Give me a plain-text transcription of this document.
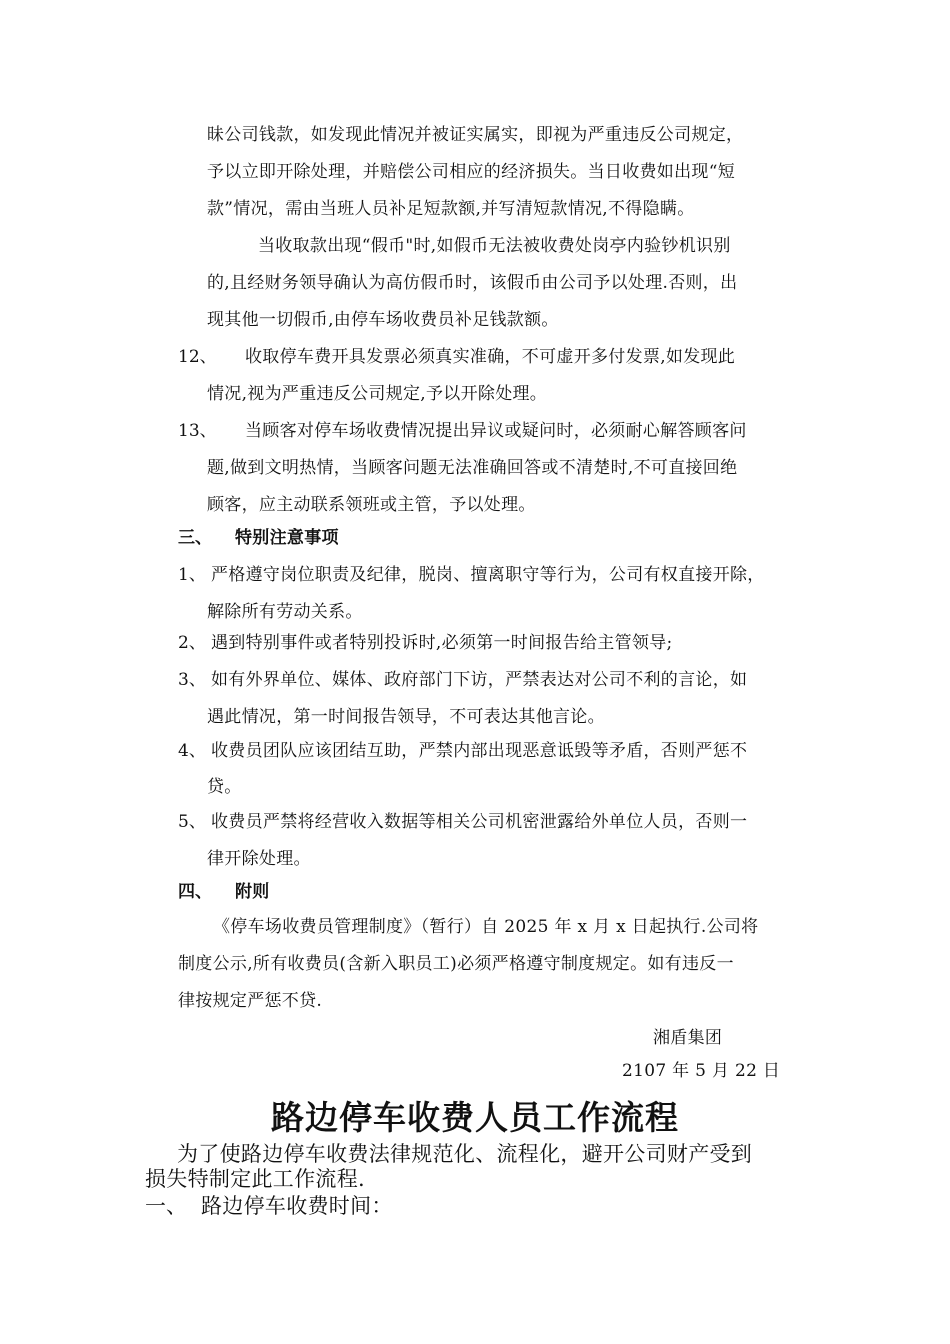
昧公司钱款，如发现此情况并被证实属实，即视为严重违反公司规定，
予以立即开除处理，并赔偿公司相应的经济损失。当日收费如出现“短
款”情况，需由当班人员补足短款额,并写清短款情况,不得隐瞒。
当收取款出现“假币"时,如假币无法被收费处岗亭内验钞机识别
的,且经财务领导确认为高仿假币时，该假币由公司予以处理.否则，出
现其他一切假币,由停车场收费员补足钱款额。
12、 收取停车费开具发票必须真实准确，不可虚开多付发票,如发现此
情况,视为严重违反公司规定,予以开除处理。
13、 当顾客对停车场收费情况提出异议或疑问时，必须耐心解答顾客问
题,做到文明热情，当顾客问题无法准确回答或不清楚时,不可直接回绝
顾客，应主动联系领班或主管，予以处理。
三、 特别注意事项
1、 严格遵守岗位职责及纪律，脱岗、擅离职守等行为，公司有权直接开除，
解除所有劳动关系。
2、 遇到特别事件或者特别投诉时,必须第一时间报告给主管领导;
3、 如有外界单位、媒体、政府部门下访，严禁表达对公司不利的言论，如
遇此情况，第一时间报告领导，不可表达其他言论。
4、 收费员团队应该团结互助，严禁内部出现恶意诋毁等矛盾，否则严惩不
贷。
5、 收费员严禁将经营收入数据等相关公司机密泄露给外单位人员，否则一
律开除处理。
四、 附则
《停车场收费员管理制度》（暂行）自 2025 年 x 月 x 日起执行.公司将
制度公示,所有收费员(含新入职员工)必须严格遵守制度规定。如有违反一
律按规定严惩不贷.
湘盾集团
2107 年 5 月 22 日
路边停车收费人员工作流程
为了使路边停车收费法律规范化、流程化，避开公司财产受到
损失特制定此工作流程.
一、 路边停车收费时间：
